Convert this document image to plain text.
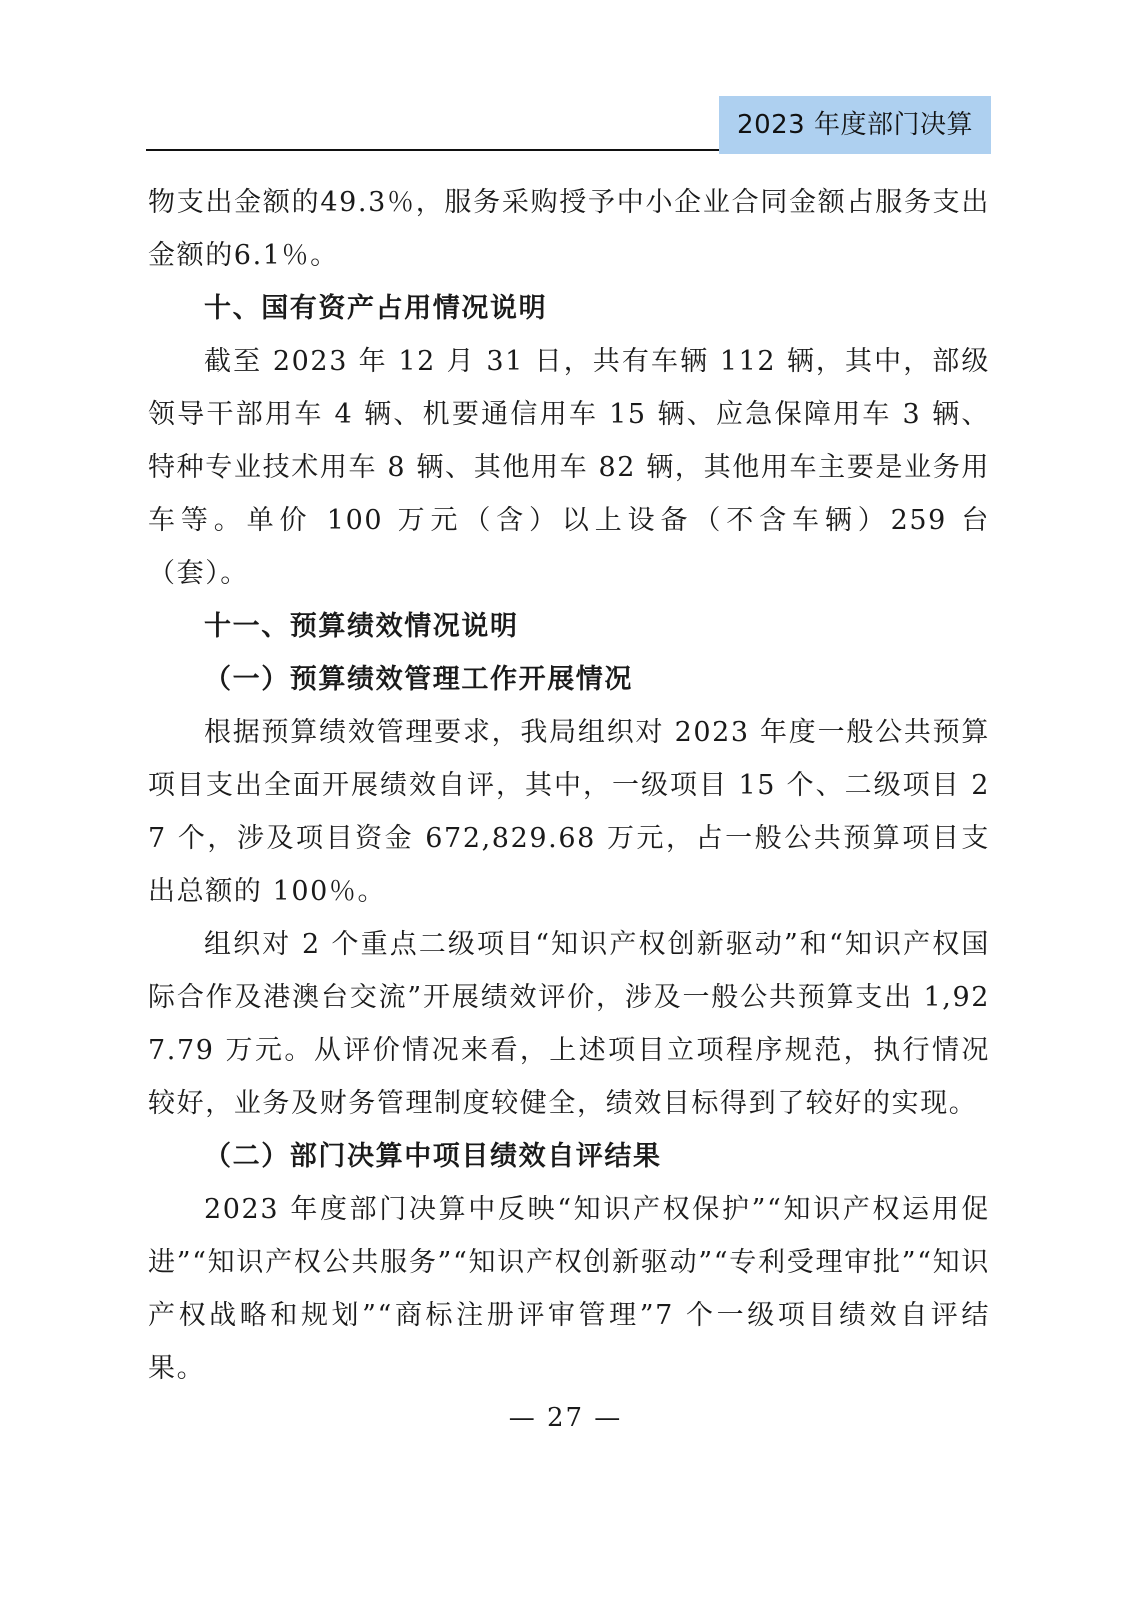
2023 年度部门决算

物支出金额的49.3％，服务采购授予中小企业合同金额占服务支出金额的6.1％。

十、国有资产占用情况说明

截至 2023 年 12 月 31 日，共有车辆 112 辆，其中，部级领导干部用车 4 辆、机要通信用车 15 辆、应急保障用车 3 辆、特种专业技术用车 8 辆、其他用车 82 辆，其他用车主要是业务用车等。单价 100 万元（含）以上设备（不含车辆）259 台（套）。

十一、预算绩效情况说明
（一）预算绩效管理工作开展情况

根据预算绩效管理要求，我局组织对 2023 年度一般公共预算项目支出全面开展绩效自评，其中，一级项目 15 个、二级项目 27 个，涉及项目资金 672,829.68 万元，占一般公共预算项目支出总额的 100％。

组织对 2 个重点二级项目“知识产权创新驱动”和“知识产权国际合作及港澳台交流”开展绩效评价，涉及一般公共预算支出 1,927.79 万元。从评价情况来看，上述项目立项程序规范，执行情况较好，业务及财务管理制度较健全，绩效目标得到了较好的实现。

（二）部门决算中项目绩效自评结果

2023 年度部门决算中反映“知识产权保护”“知识产权运用促进”“知识产权公共服务”“知识产权创新驱动”“专利受理审批”“知识产权战略和规划”“商标注册评审管理”7 个一级项目绩效自评结果。

— 27 —
